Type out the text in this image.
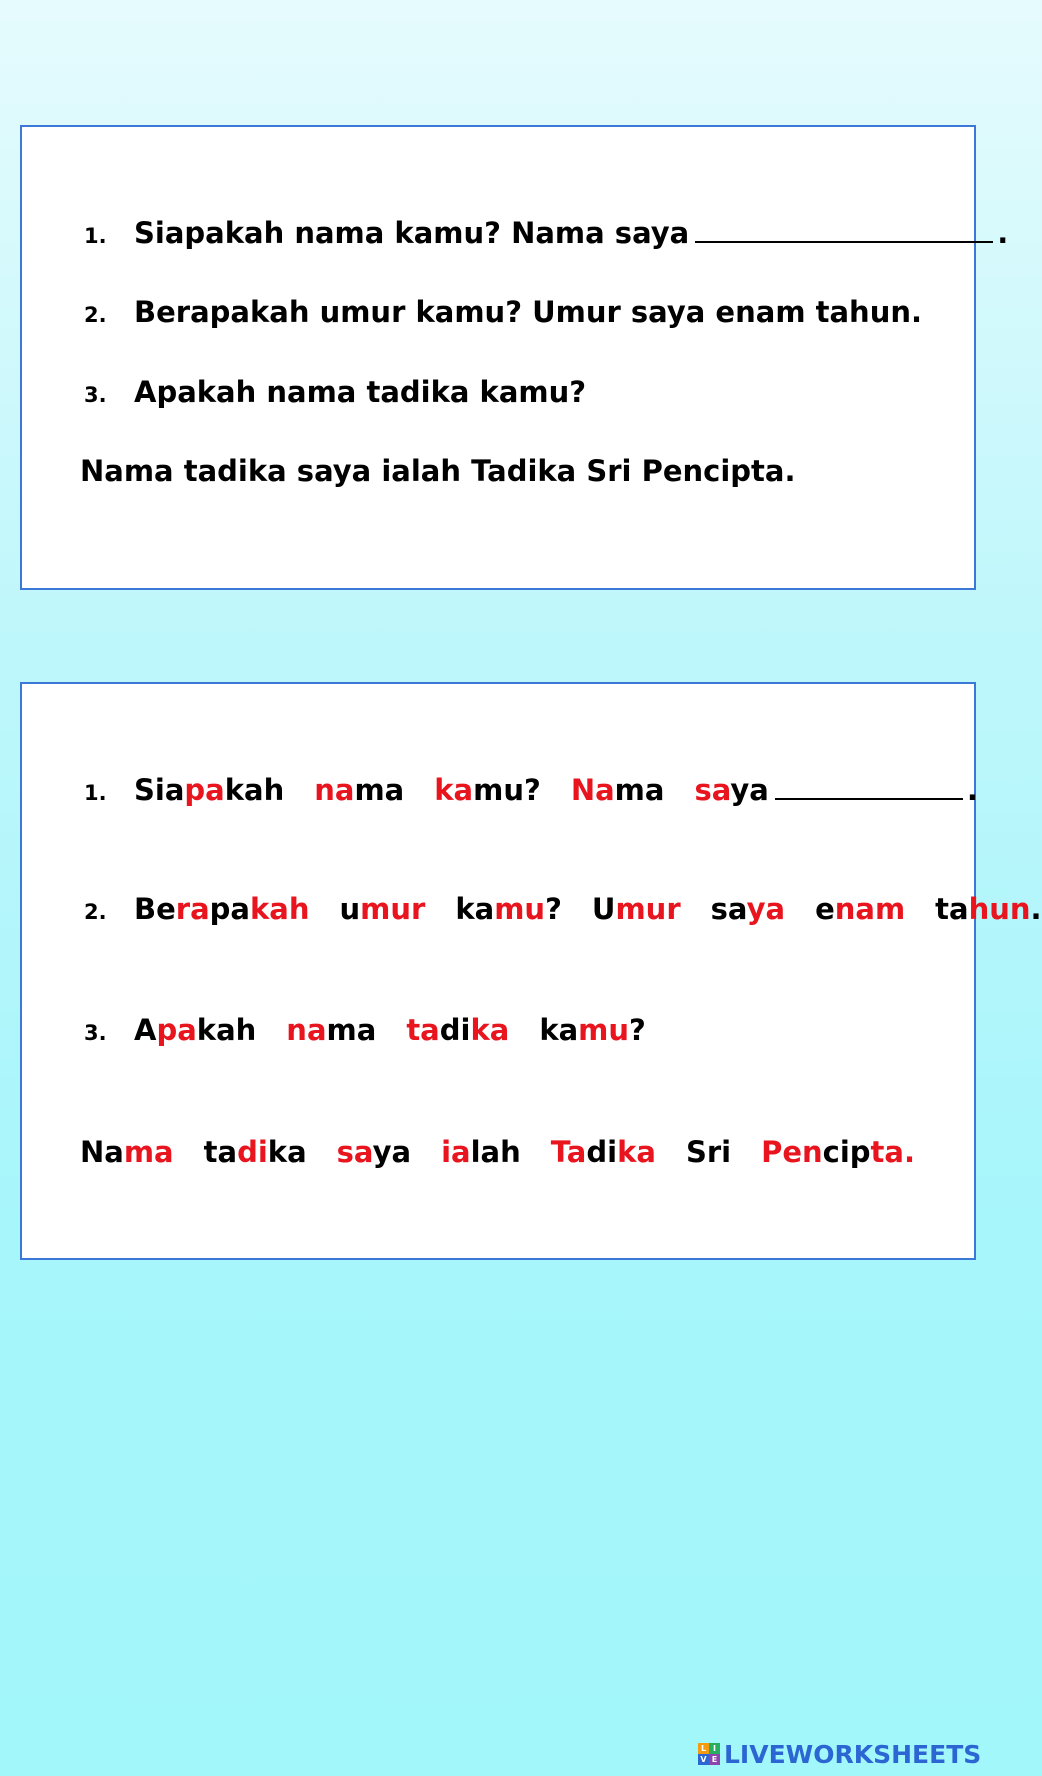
1. Siapakah nama kamu? Nama saya	.
2. Berapakah umur kamu? Umur saya enam tahun.
3. Apakah nama tadika kamu?
Nama tadika saya ialah Tadika Sri Pencipta.
1. Siapakah nama kamu? Nama saya	.
2. Berapakah umur kamu? Umur saya enam tahun.
3. Apakah nama tadika kamu?
Nama tadika saya ialah Tadika Sri Pencipta.
L I
V E LIVEWORKSHEETS
